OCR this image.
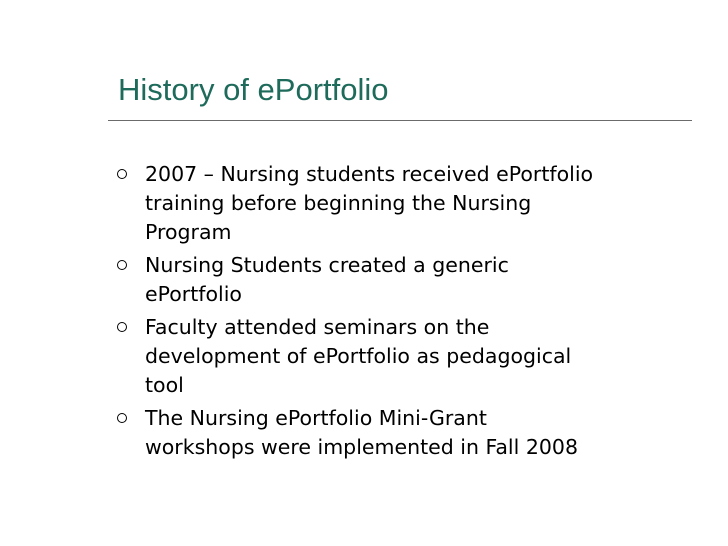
History of ePortfolio
2007 – Nursing students received ePortfolio
training before beginning the Nursing
Program
Nursing Students created a generic
ePortfolio
Faculty attended seminars on the
development of ePortfolio as pedagogical
tool
The Nursing ePortfolio Mini-Grant
workshops were implemented in Fall 2008
